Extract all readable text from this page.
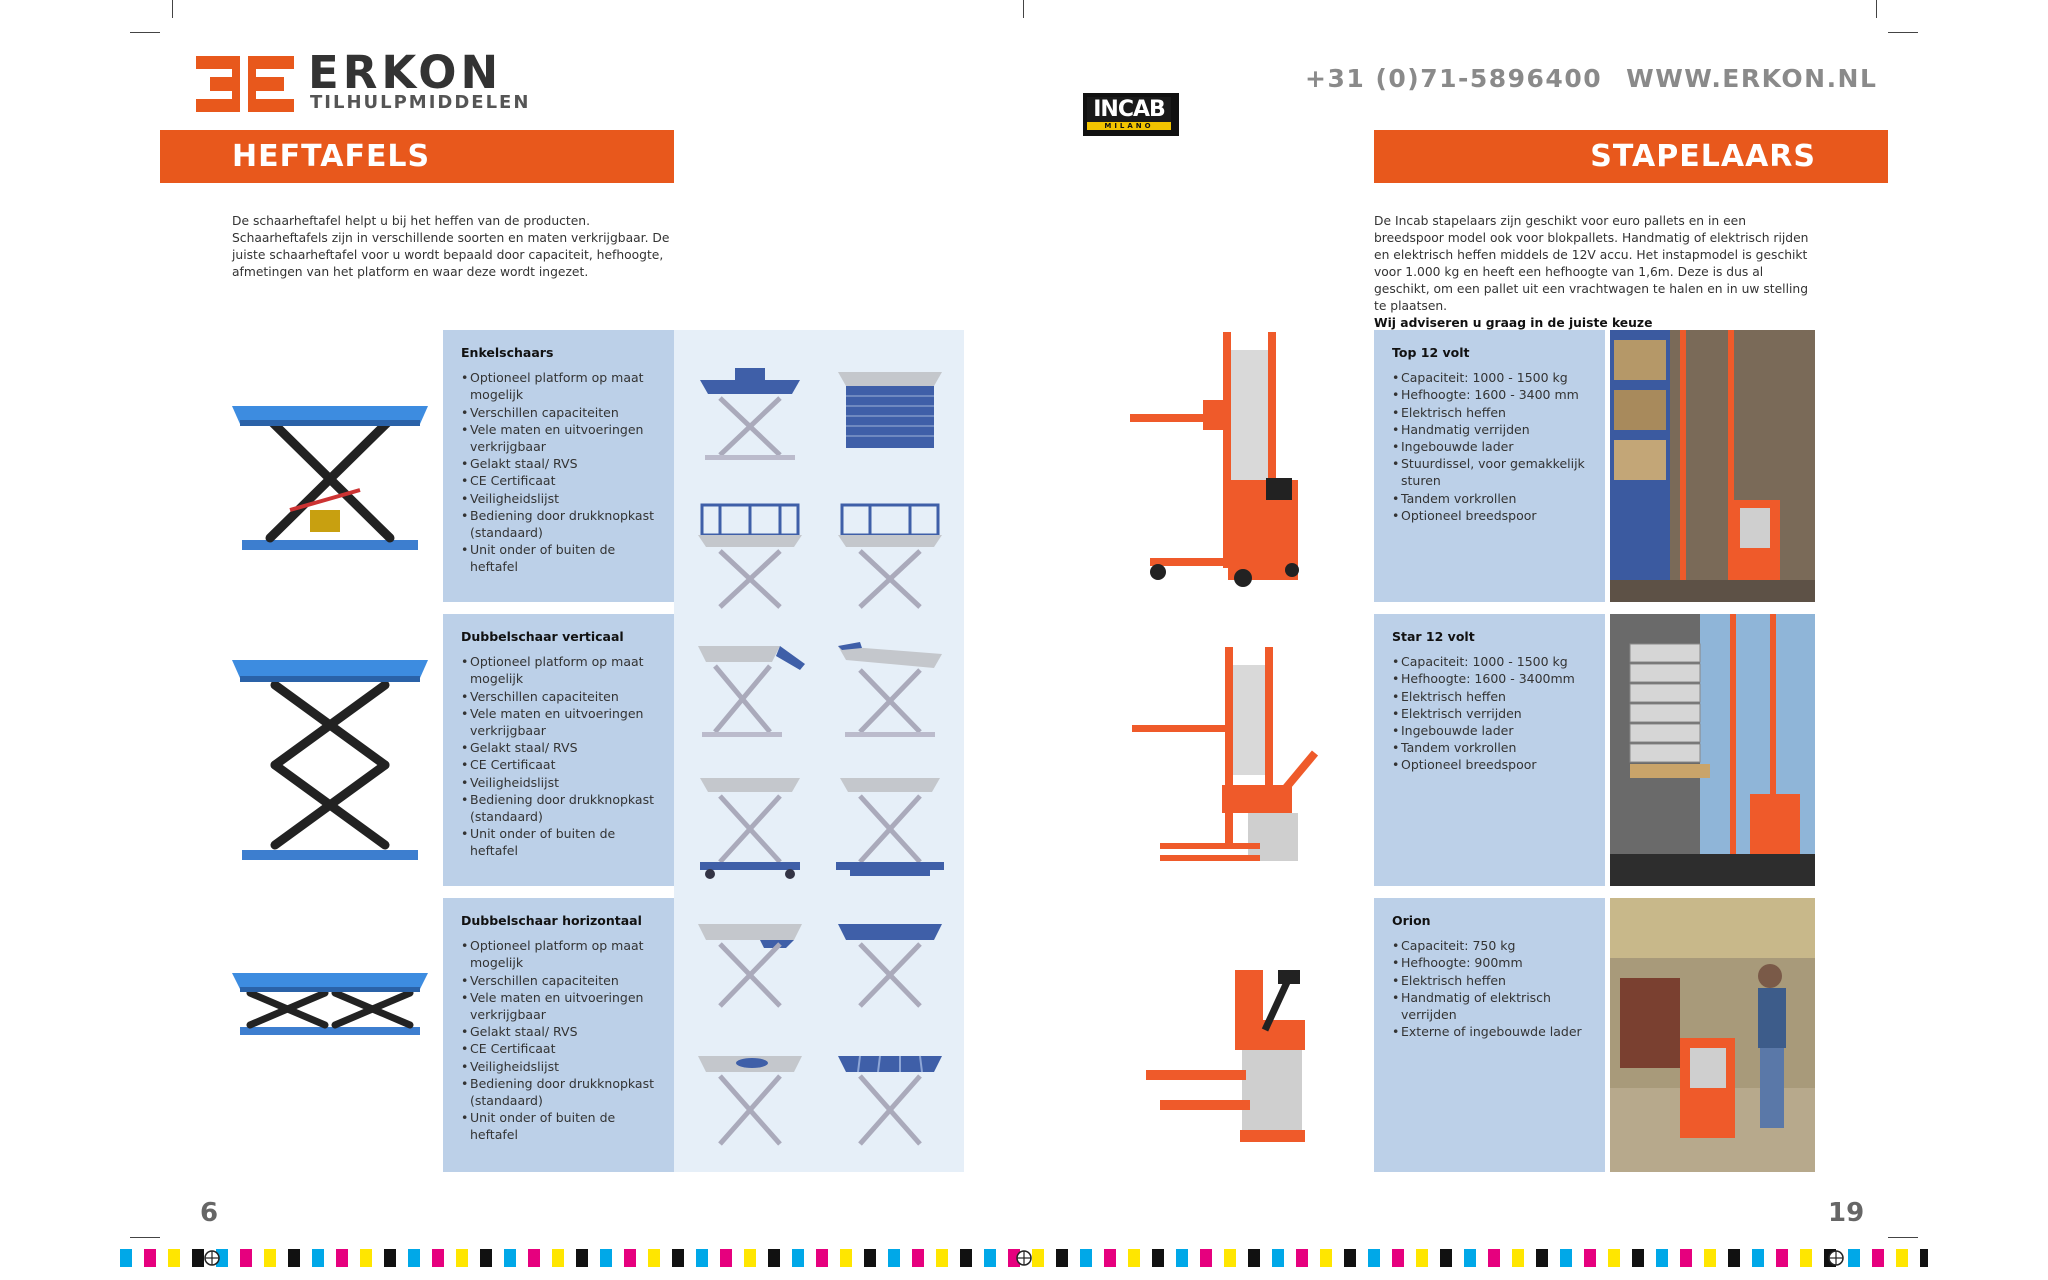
ERKON
TILHULPMIDDELEN
+31 (0)71-5896400 WWW.ERKON.NL
INCAB
MILANO
HEFTAFELS	STAPELAARS
De schaarheftafel helpt u bij het heffen van de producten. Schaarheftafels zijn in verschillende soorten en maten verkrijgbaar. De juiste schaarheftafel voor u wordt bepaald door capaciteit, hefhoogte, afmetingen van het platform en waar deze wordt ingezet.
De Incab stapelaars zijn geschikt voor euro pallets en in een breedspoor model ook voor blokpallets. Handmatig of elektrisch rijden en elektrisch heffen middels de 12V accu. Het instapmodel is geschikt voor 1.000 kg en heeft een hefhoogte van 1,6m. Deze is dus al geschikt, om een pallet uit een vrachtwagen te halen en in uw stelling te plaatsen.
Wij adviseren u graag in de juiste keuze
Enkelschaars
• Optioneel platform op maat mogelijk
• Verschillen capaciteiten
• Vele maten en uitvoeringen verkrijgbaar
• Gelakt staal/ RVS
• CE Certificaat
• Veiligheidslijst
• Bediening door drukknopkast (standaard)
• Unit onder of buiten de heftafel
Dubbelschaar verticaal
• Optioneel platform op maat mogelijk
• Verschillen capaciteiten
• Vele maten en uitvoeringen verkrijgbaar
• Gelakt staal/ RVS
• CE Certificaat
• Veiligheidslijst
• Bediening door drukknopkast (standaard)
• Unit onder of buiten de heftafel
Dubbelschaar horizontaal
• Optioneel platform op maat mogelijk
• Verschillen capaciteiten
• Vele maten en uitvoeringen verkrijgbaar
• Gelakt staal/ RVS
• CE Certificaat
• Veiligheidslijst
• Bediening door drukknopkast (standaard)
• Unit onder of buiten de heftafel
Top 12 volt
• Capaciteit: 1000 - 1500 kg
• Hefhoogte: 1600 - 3400 mm
• Elektrisch heffen
• Handmatig verrijden
• Ingebouwde lader
• Stuurdissel, voor gemakkelijk sturen
• Tandem vorkrollen
• Optioneel breedspoor
Star 12 volt
• Capaciteit: 1000 - 1500 kg
• Hefhoogte: 1600 - 3400mm
• Elektrisch heffen
• Elektrisch verrijden
• Ingebouwde lader
• Tandem vorkrollen
• Optioneel breedspoor
Orion
• Capaciteit: 750 kg
• Hefhoogte: 900mm
• Elektrisch heffen
• Handmatig of elektrisch verrijden
• Externe of ingebouwde lader
6	19
